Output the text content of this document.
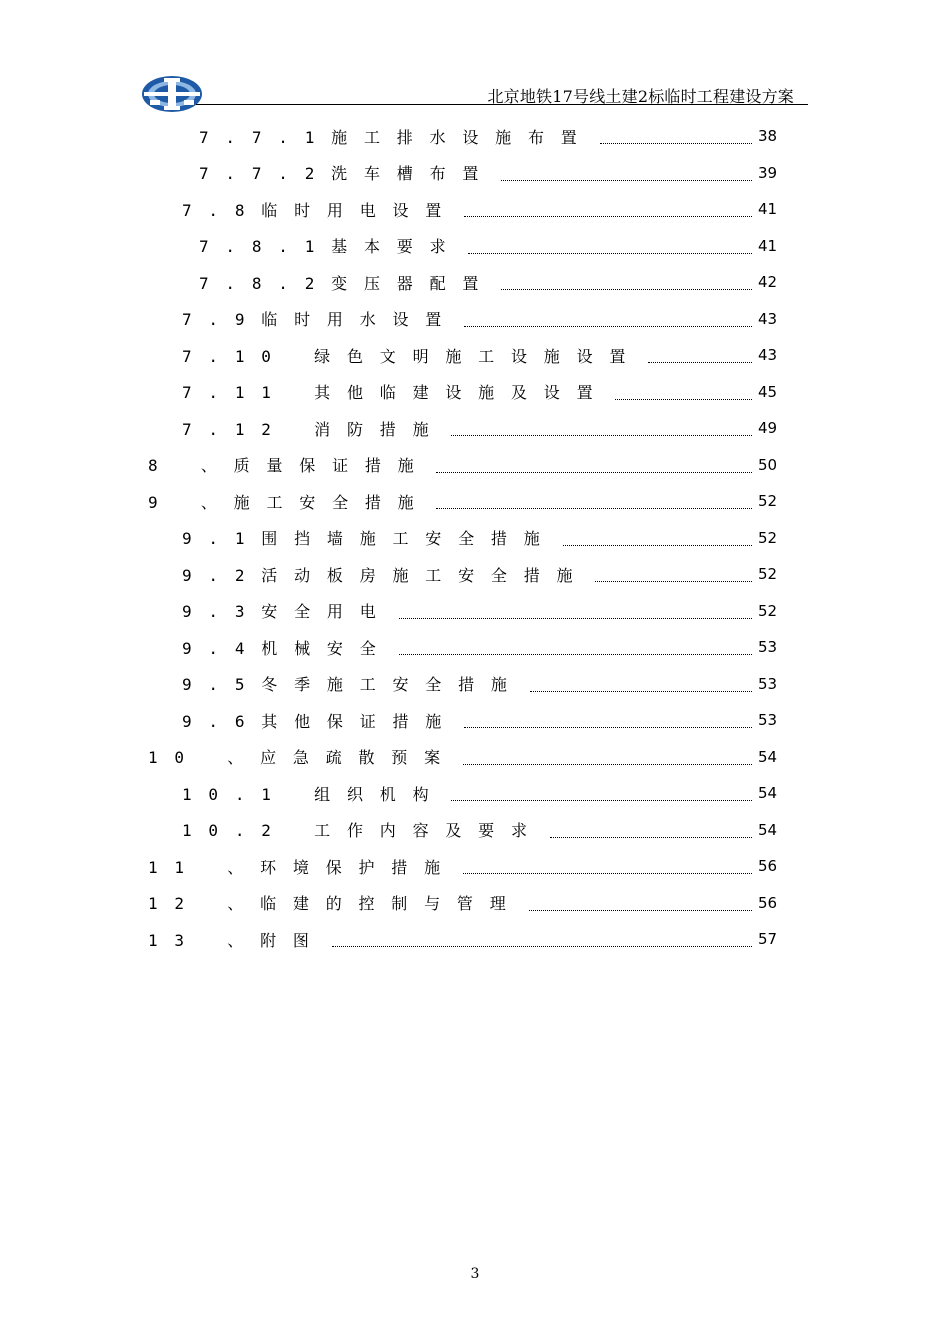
北京地铁17号线土建2标临时工程建设方案
7.7.1施工排水设施布置	38
7.7.2洗车槽布置	39
7.8临时用电设置	41
7.8.1基本要求	41
7.8.2变压器配置	42
7.9临时用水设置	43
7.10 绿色文明施工设施设置	43
7.11 其他临建设施及设置	45
7.12 消防措施	49
8 、质量保证措施	50
9 、施工安全措施	52
9.1围挡墙施工安全措施	52
9.2活动板房施工安全措施	52
9.3安全用电	52
9.4机械安全	53
9.5冬季施工安全措施	53
9.6其他保证措施	53
10 、应急疏散预案	54
10.1 组织机构	54
10.2 工作内容及要求	54
11 、环境保护措施	56
12 、临建的控制与管理	56
13 、附图	57
3
